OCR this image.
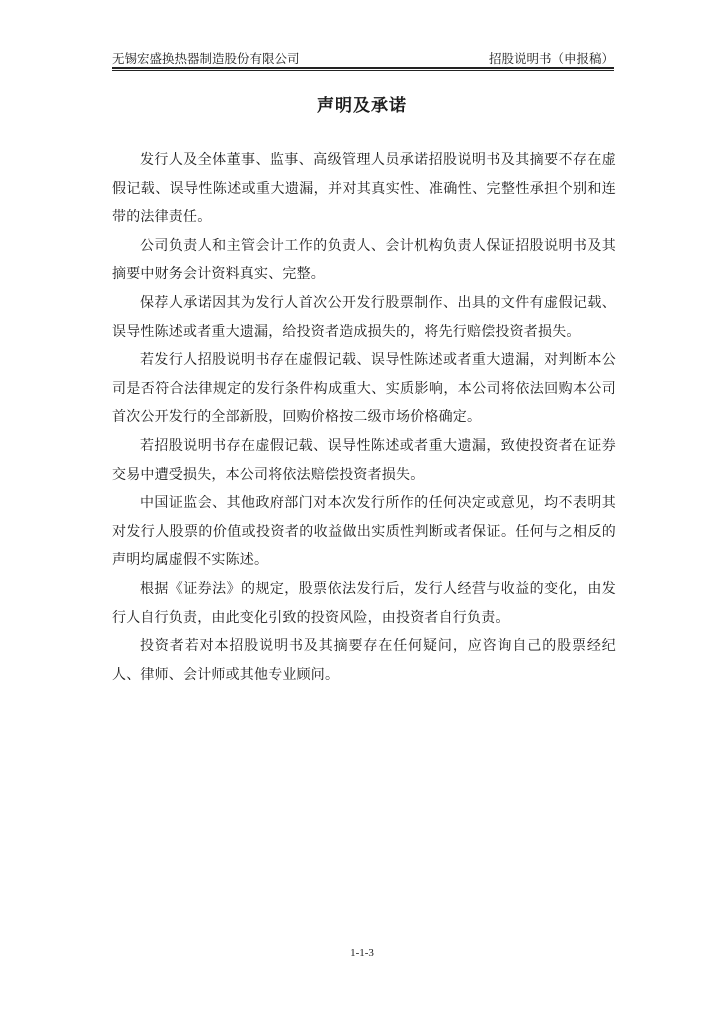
无锡宏盛换热器制造股份有限公司	招股说明书（申报稿）
声明及承诺

发行人及全体董事、监事、高级管理人员承诺招股说明书及其摘要不存在虚假记载、误导性陈述或重大遗漏，并对其真实性、准确性、完整性承担个别和连带的法律责任。

公司负责人和主管会计工作的负责人、会计机构负责人保证招股说明书及其摘要中财务会计资料真实、完整。

保荐人承诺因其为发行人首次公开发行股票制作、出具的文件有虚假记载、误导性陈述或者重大遗漏，给投资者造成损失的，将先行赔偿投资者损失。

若发行人招股说明书存在虚假记载、误导性陈述或者重大遗漏，对判断本公司是否符合法律规定的发行条件构成重大、实质影响，本公司将依法回购本公司首次公开发行的全部新股，回购价格按二级市场价格确定。

若招股说明书存在虚假记载、误导性陈述或者重大遗漏，致使投资者在证券交易中遭受损失，本公司将依法赔偿投资者损失。

中国证监会、其他政府部门对本次发行所作的任何决定或意见，均不表明其对发行人股票的价值或投资者的收益做出实质性判断或者保证。任何与之相反的声明均属虚假不实陈述。

根据《证券法》的规定，股票依法发行后，发行人经营与收益的变化，由发行人自行负责，由此变化引致的投资风险，由投资者自行负责。

投资者若对本招股说明书及其摘要存在任何疑问，应咨询自己的股票经纪人、律师、会计师或其他专业顾问。

1-1-3
